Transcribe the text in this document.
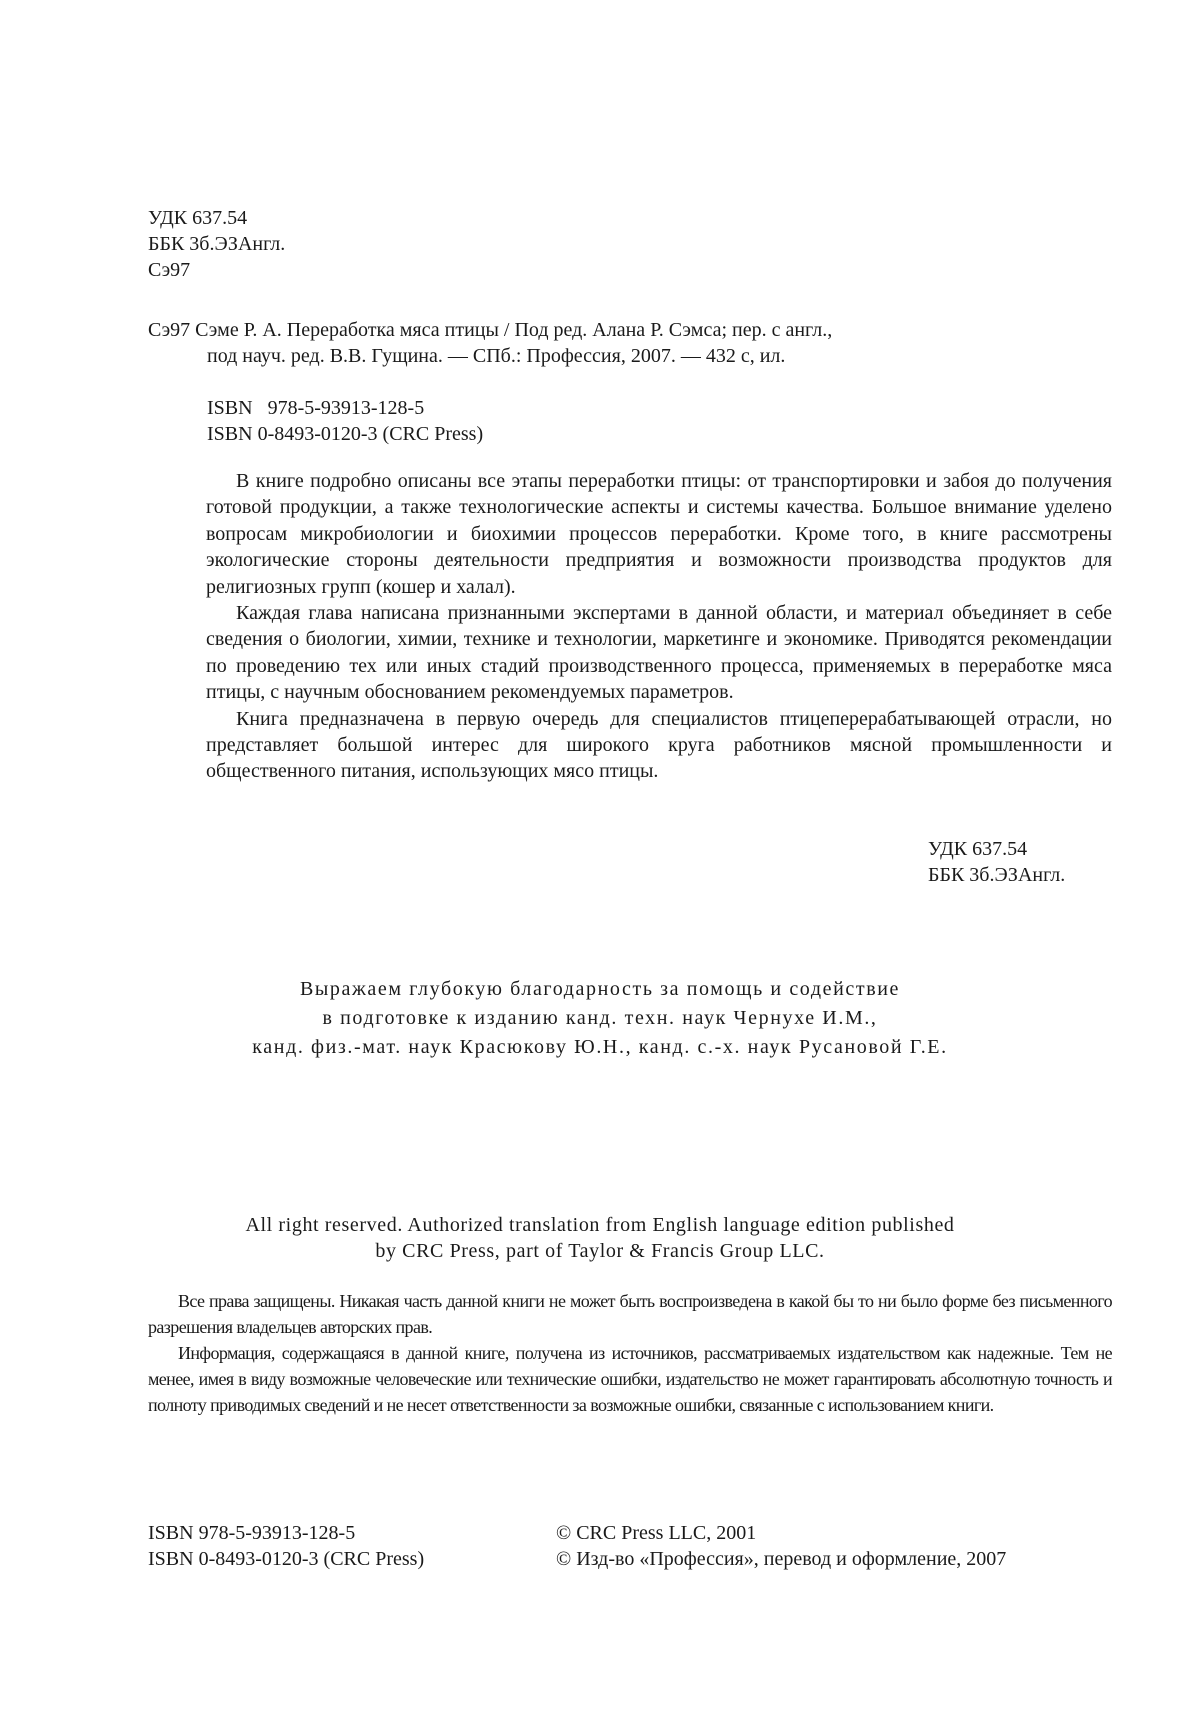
УДК 637.54
ББК 3б.ЭЗАнгл.
Сэ97
Сэ97 Сэме Р. А. Переработка мяса птицы / Под ред. Алана Р. Сэмса; пер. с англ.,
под науч. ред. В.В. Гущина. — СПб.: Профессия, 2007. — 432 с, ил.
ISBN   978-5-93913-128-5
ISBN 0-8493-0120-3 (CRC Press)

В книге подробно описаны все этапы переработки птицы: от транспортировки и забоя до получения готовой продукции, а также технологические аспекты и системы качества. Большое внимание уделено вопросам микробиологии и биохимии процессов переработки. Кроме того, в книге рассмотрены экологические стороны деятельности предприятия и возможности производства продуктов для религиозных групп (кошер и халал).

Каждая глава написана признанными экспертами в данной области, и материал объединяет в себе сведения о биологии, химии, технике и технологии, маркетинге и экономике. Приводятся рекомендации по проведению тех или иных стадий производственного процесса, применяемых в переработке мяса птицы, с научным обоснованием рекомендуемых параметров.

Книга предназначена в первую очередь для специалистов птицеперерабатывающей отрасли, но представляет большой интерес для широкого круга работников мясной промышленности и общественного питания, использующих мясо птицы.

УДК 637.54
ББК 3б.ЭЗАнгл.
Выражаем глубокую благодарность за помощь и содействие
в подготовке к изданию канд. техн. наук Чернухе И.М.,
канд. физ.-мат. наук Красюкову Ю.Н., канд. с.-х. наук Русановой Г.Е.
All right reserved. Authorized translation from English language edition published
by CRC Press, part of Taylor & Francis Group LLC.

Все права защищены. Никакая часть данной книги не может быть воспроизведена в какой бы то ни было форме без письменного разрешения владельцев авторских прав.

Информация, содержащаяся в данной книге, получена из источников, рассматриваемых издательством как надежные. Тем не менее, имея в виду возможные человеческие или технические ошибки, издательство не может гарантировать абсолютную точность и полноту приводимых сведений и не несет ответственности за возможные ошибки, связанные с использованием книги.

ISBN 978-5-93913-128-5
ISBN 0-8493-0120-3 (CRC Press)
© CRC Press LLC, 2001
© Изд-во «Профессия», перевод и оформление, 2007
